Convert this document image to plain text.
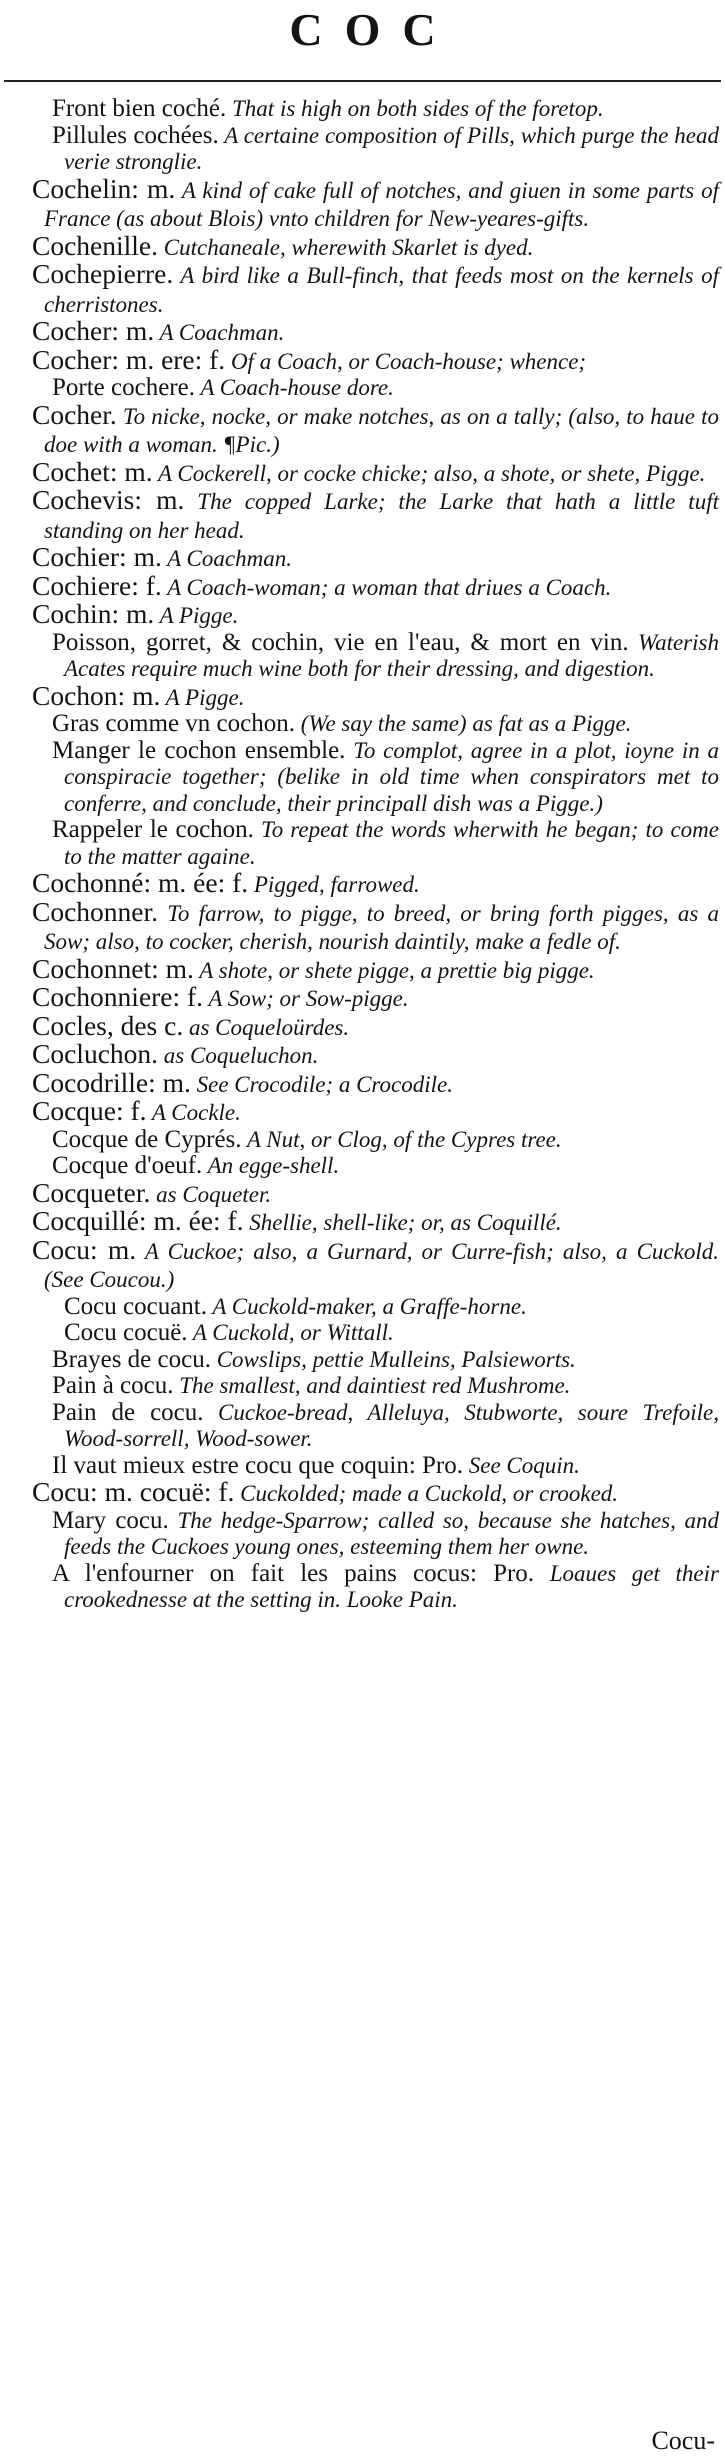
COC

Front bien coché. That is high on both sides of the foretop.

Pillules cochées. A certaine composition of Pills, which purge the head verie stronglie.

Cochelin: m. A kind of cake full of notches, and giuen in some parts of France (as about Blois) vnto children for New-yeares-gifts.

Cochenille. Cutchaneale, wherewith Skarlet is dyed.

Cochepierre. A bird like a Bull-finch, that feeds most on the kernels of cherristones.

Cocher: m. A Coachman.

Cocher: m. ere: f. Of a Coach, or Coach-house; whence;

Porte cochere. A Coach-house dore.

Cocher. To nicke, nocke, or make notches, as on a tally; (also, to haue to doe with a woman. ¶Pic.)

Cochet: m. A Cockerell, or cocke chicke; also, a shote, or shete, Pigge.

Cochevis: m. The copped Larke; the Larke that hath a little tuft standing on her head.

Cochier: m. A Coachman.

Cochiere: f. A Coach-woman; a woman that driues a Coach.

Cochin: m. A Pigge.

Poisson, gorret, & cochin, vie en l'eau, & mort en vin. Waterish Acates require much wine both for their dressing, and digestion.

Cochon: m. A Pigge.

Gras comme vn cochon. (We say the same) as fat as a Pigge.

Manger le cochon ensemble. To complot, agree in a plot, ioyne in a conspiracie together; (belike in old time when conspirators met to conferre, and conclude, their principall dish was a Pigge.)

Rappeler le cochon. To repeat the words wherwith he began; to come to the matter againe.

Cochonné: m. ée: f. Pigged, farrowed.

Cochonner. To farrow, to pigge, to breed, or bring forth pigges, as a Sow; also, to cocker, cherish, nourish daintily, make a fedle of.

Cochonnet: m. A shote, or shete pigge, a prettie big pigge.

Cochonniere: f. A Sow; or Sow-pigge.

Cocles, des c. as Coqueloürdes.

Cocluchon. as Coqueluchon.

Cocodrille: m. See Crocodile; a Crocodile.

Cocque: f. A Cockle.

Cocque de Cyprés. A Nut, or Clog, of the Cypres tree.

Cocque d'oeuf. An egge-shell.

Cocqueter. as Coqueter.

Cocquillé: m. ée: f. Shellie, shell-like; or, as Coquillé.

Cocu: m. A Cuckoe; also, a Gurnard, or Curre-fish; also, a Cuckold. (See Coucou.)

Cocu cocuant. A Cuckold-maker, a Graffe-horne.

Cocu cocuë. A Cuckold, or Wittall.

Brayes de cocu. Cowslips, pettie Mulleins, Palsieworts.

Pain à cocu. The smallest, and daintiest red Mushrome.

Pain de cocu. Cuckoe-bread, Alleluya, Stubworte, soure Trefoile, Wood-sorrell, Wood-sower.

Il vaut mieux estre cocu que coquin: Pro. See Coquin.

Cocu: m. cocuë: f. Cuckolded; made a Cuckold, or crooked.

Mary cocu. The hedge-Sparrow; called so, because she hatches, and feeds the Cuckoes young ones, esteeming them her owne.

A l'enfourner on fait les pains cocus: Pro. Loaues get their crookednesse at the setting in. Looke Pain.

Cocu-
